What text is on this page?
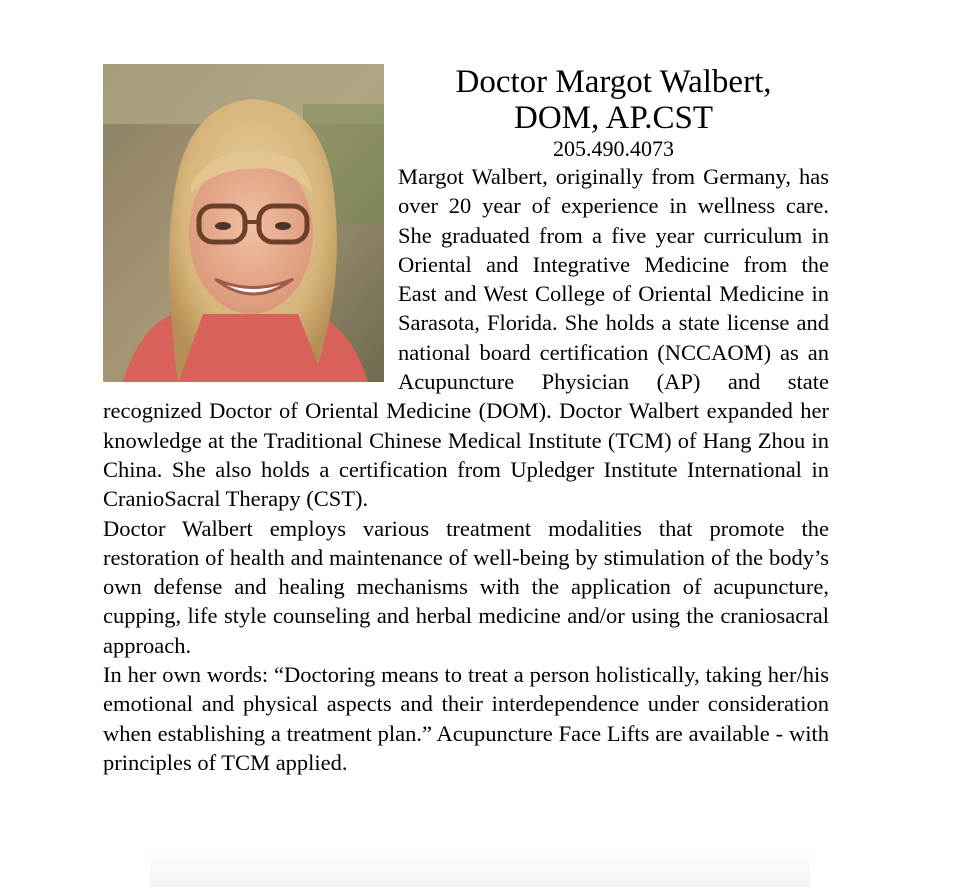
Doctor Margot Walbert,
DOM, AP.CST
205.490.4073

Margot Walbert, originally from Germany, has over 20 year of experience in wellness care. She graduated from a five year curriculum in Oriental and Integrative Medicine from the East and West College of Oriental Medicine in Sarasota, Florida. She holds a state license and national board certification (NCCAOM) as an Acupuncture Physician (AP) and state recognized Doctor of Oriental Medicine (DOM). Doctor Walbert expanded her knowledge at the Traditional Chinese Medical Institute (TCM) of Hang Zhou in China. She also holds a certification from Upledger Institute International in CranioSacral Therapy (CST).

Doctor Walbert employs various treatment modalities that promote the restoration of health and maintenance of well-being by stimulation of the body’s own defense and healing mechanisms with the application of acupuncture, cupping, life style counseling and herbal medicine and/or using the craniosacral approach.

In her own words: “Doctoring means to treat a person holistically, taking her/his emotional and physical aspects and their interdependence under consideration when establishing a treatment plan.” Acupuncture Face Lifts are available - with principles of TCM applied.
